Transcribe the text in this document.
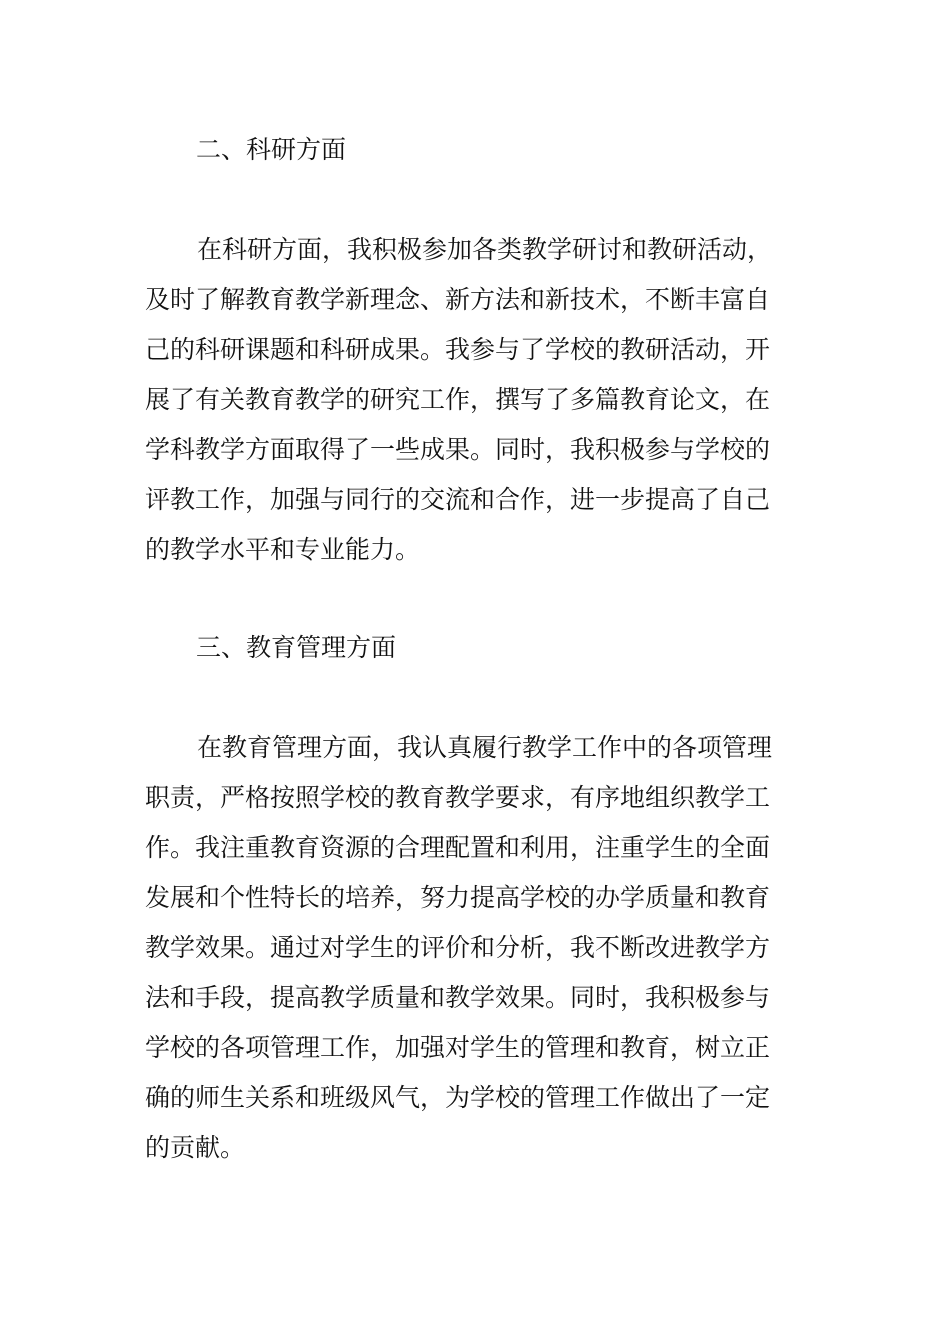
二、科研方面
在科研方面，我积极参加各类教学研讨和教研活动，
及时了解教育教学新理念、新方法和新技术，不断丰富自
己的科研课题和科研成果。我参与了学校的教研活动，开
展了有关教育教学的研究工作，撰写了多篇教育论文，在
学科教学方面取得了一些成果。同时，我积极参与学校的
评教工作，加强与同行的交流和合作，进一步提高了自己
的教学水平和专业能力。
三、教育管理方面
在教育管理方面，我认真履行教学工作中的各项管理
职责，严格按照学校的教育教学要求，有序地组织教学工
作。我注重教育资源的合理配置和利用，注重学生的全面
发展和个性特长的培养，努力提高学校的办学质量和教育
教学效果。通过对学生的评价和分析，我不断改进教学方
法和手段，提高教学质量和教学效果。同时，我积极参与
学校的各项管理工作，加强对学生的管理和教育，树立正
确的师生关系和班级风气，为学校的管理工作做出了一定
的贡献。
